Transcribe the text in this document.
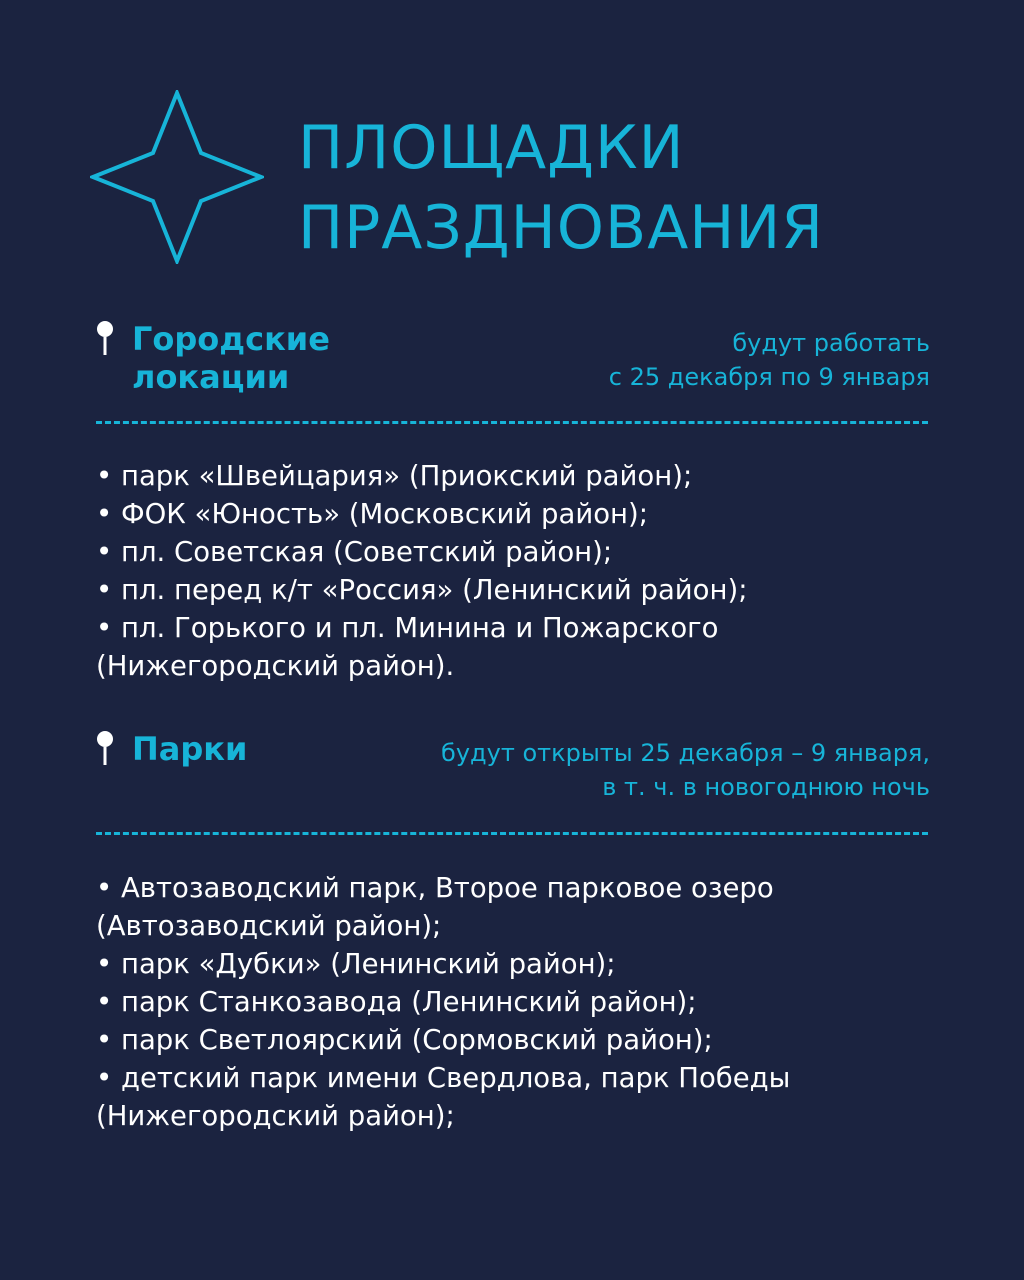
ПЛОЩАДКИ
ПРАЗДНОВАНИЯ
Городские
локации
будут работать
с 25 декабря по 9 января
• парк «Швейцария» (Приокский район);
• ФОК «Юность» (Московский район);
• пл. Советская (Советский район);
• пл. перед к/т «Россия» (Ленинский район);
• пл. Горького и пл. Минина и Пожарского
(Нижегородский район).
Парки	будут открыты 25 декабря – 9 января,
в т. ч. в новогоднюю ночь
• Автозаводский парк, Второе парковое озеро
(Автозаводский район);
• парк «Дубки» (Ленинский район);
• парк Станкозавода (Ленинский район);
• парк Светлоярский (Сормовский район);
• детский парк имени Свердлова, парк Победы
(Нижегородский район);
